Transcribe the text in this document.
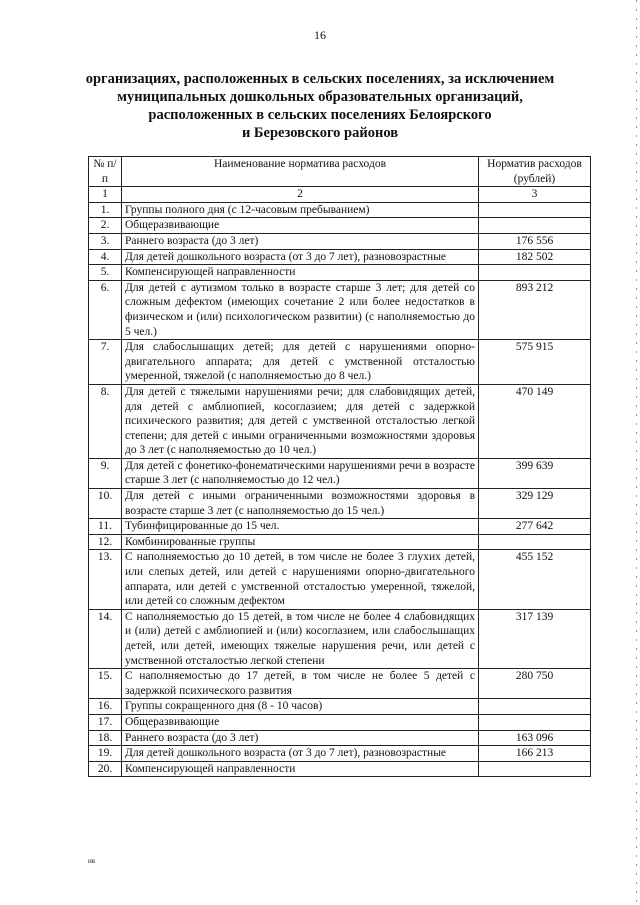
16
организациях, расположенных в сельских поселениях, за исключением
муниципальных дошкольных образовательных организаций,
расположенных в сельских поселениях Белоярского
и Березовского районов
№ п/п	Наименование норматива расходов	Норматив расходов (рублей)
1	2	3
1.	Группы полного дня (с 12-часовым пребыванием)	
2.	Общеразвивающие	
3.	Раннего возраста (до 3 лет)	176 556
4.	Для детей дошкольного возраста (от 3 до 7 лет), разновозрастные	182 502
5.	Компенсирующей направленности	
6.	Для детей с аутизмом только в возрасте старше 3 лет; для детей со сложным дефектом (имеющих сочетание 2 или более недостатков в физическом и (или) психологическом развитии) (с наполняемостью до 5 чел.)	893 212
7.	Для слабослышащих детей; для детей с нарушениями опорно-двигательного аппарата; для детей с умственной отсталостью умеренной, тяжелой (с наполняемостью до 8 чел.)	575 915
8.	Для детей с тяжелыми нарушениями речи; для слабовидящих детей, для детей с амблиопией, косоглазием; для детей с задержкой психического развития; для детей с умственной отсталостью легкой степени; для детей с иными ограниченными возможностями здоровья до 3 лет (с наполняемостью до 10 чел.)	470 149
9.	Для детей с фонетико-фонематическими нарушениями речи в возрасте старше 3 лет (с наполняемостью до 12 чел.)	399 639
10.	Для детей с иными ограниченными возможностями здоровья в возрасте старше 3 лет (с наполняемостью до 15 чел.)	329 129
11.	Тубинфицированные до 15 чел.	277 642
12.	Комбинированные группы	
13.	С наполняемостью до 10 детей, в том числе не более 3 глухих детей, или слепых детей, или детей с нарушениями опорно-двигательного аппарата, или детей с умственной отсталостью умеренной, тяжелой, или детей со сложным дефектом	455 152
14.	С наполняемостью до 15 детей, в том числе не более 4 слабовидящих и (или) детей с амблиопией и (или) косоглазием, или слабослышащих детей, или детей, имеющих тяжелые нарушения речи, или детей с умственной отсталостью легкой степени	317 139
15.	С наполняемостью до 17 детей, в том числе не более 5 детей с задержкой психического развития	280 750
16.	Группы сокращенного дня (8 - 10 часов)	
17.	Общеразвивающие	
18.	Раннего возраста (до 3 лет)	163 096
19.	Для детей дошкольного возраста (от 3 до 7 лет), разновозрастные	166 213
20.	Компенсирующей направленности	
нв
